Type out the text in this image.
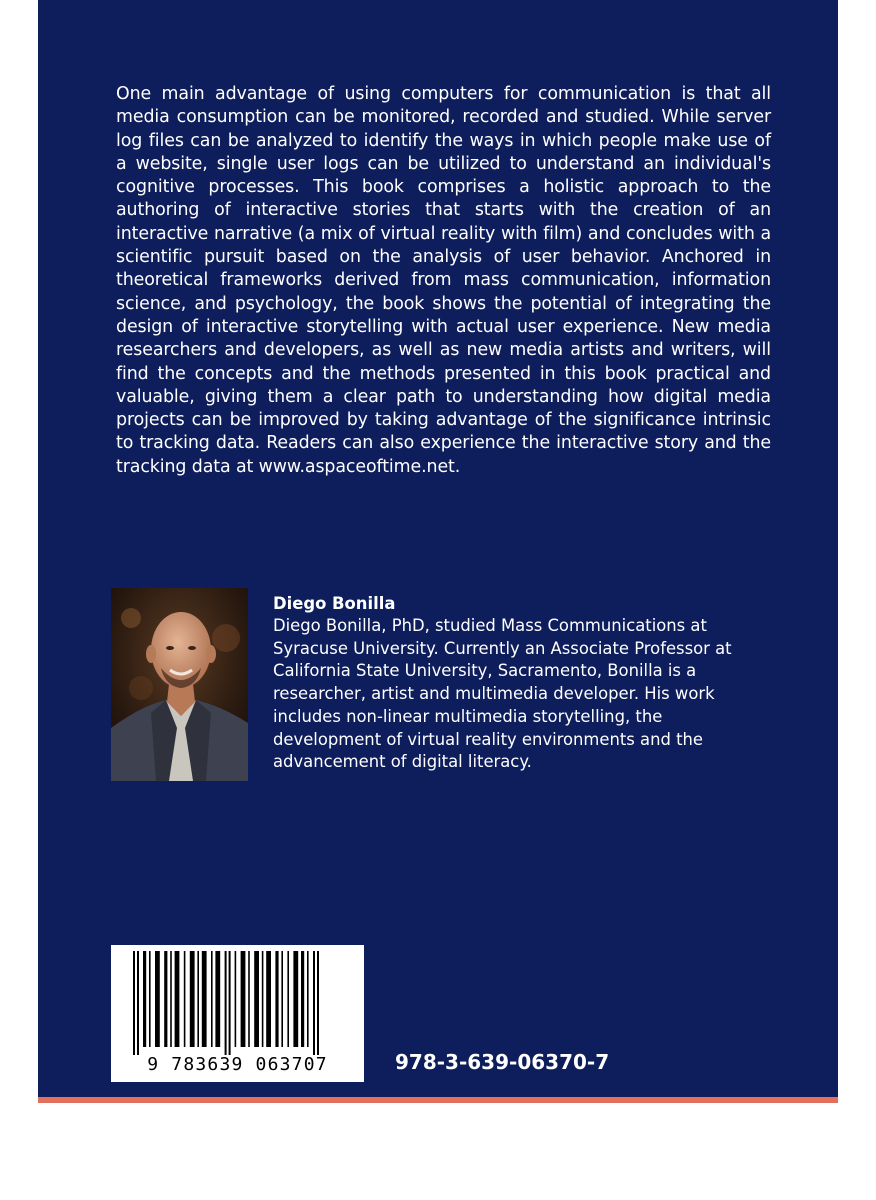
One main advantage of using computers for communication is that all media consumption can be monitored, recorded and studied. While server log files can be analyzed to identify the ways in which people make use of a website, single user logs can be utilized to understand an individual's cognitive processes. This book comprises a holistic approach to the authoring of interactive stories that starts with the creation of an interactive narrative (a mix of virtual reality with film) and concludes with a scientific pursuit based on the analysis of user behavior. Anchored in theoretical frameworks derived from mass communication, information science, and psychology, the book shows the potential of integrating the design of interactive storytelling with actual user experience. New media researchers and developers, as well as new media artists and writers, will find the concepts and the methods presented in this book practical and valuable, giving them a clear path to understanding how digital media projects can be improved by taking advantage of the significance intrinsic to tracking data. Readers can also experience the interactive story and the tracking data at www.aspaceoftime.net.

Diego Bonilla

Diego Bonilla, PhD, studied Mass Communications at Syracuse University. Currently an Associate Professor at California State University, Sacramento, Bonilla is a researcher, artist and multimedia developer. His work includes non-linear multimedia storytelling, the development of virtual reality environments and the advancement of digital literacy.

9 783639 063707	978-3-639-06370-7
